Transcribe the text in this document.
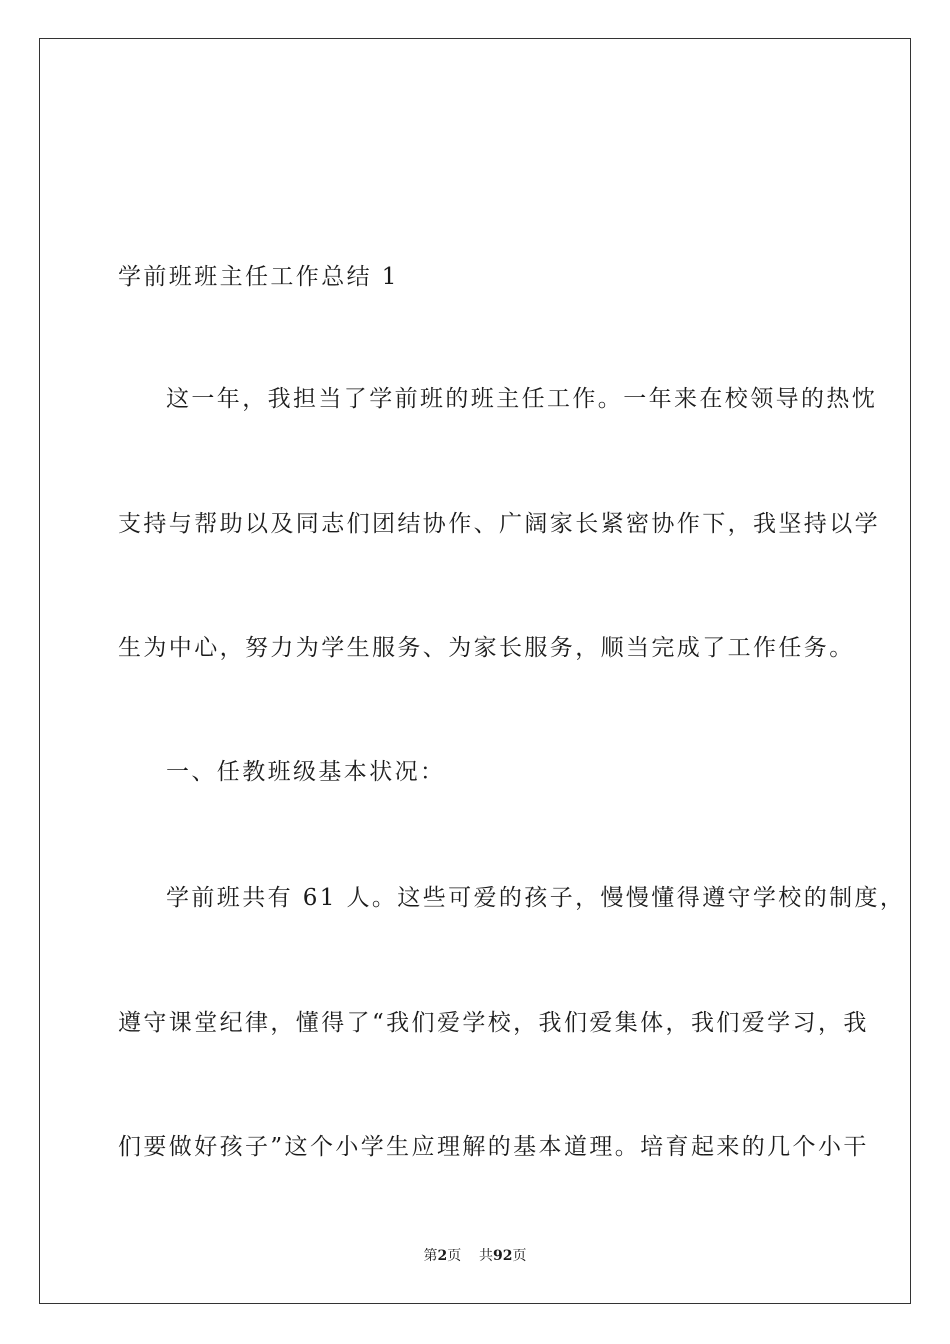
学前班班主任工作总结 1
这一年，我担当了学前班的班主任工作。一年来在校领导的热忱
支持与帮助以及同志们团结协作、广阔家长紧密协作下，我坚持以学
生为中心，努力为学生服务、为家长服务，顺当完成了工作任务。
一、任教班级基本状况：
学前班共有 61 人。这些可爱的孩子，慢慢懂得遵守学校的制度，
遵守课堂纪律，懂得了“我们爱学校，我们爱集体，我们爱学习，我
们要做好孩子”这个小学生应理解的基本道理。培育起来的几个小干
第2页 共92页
